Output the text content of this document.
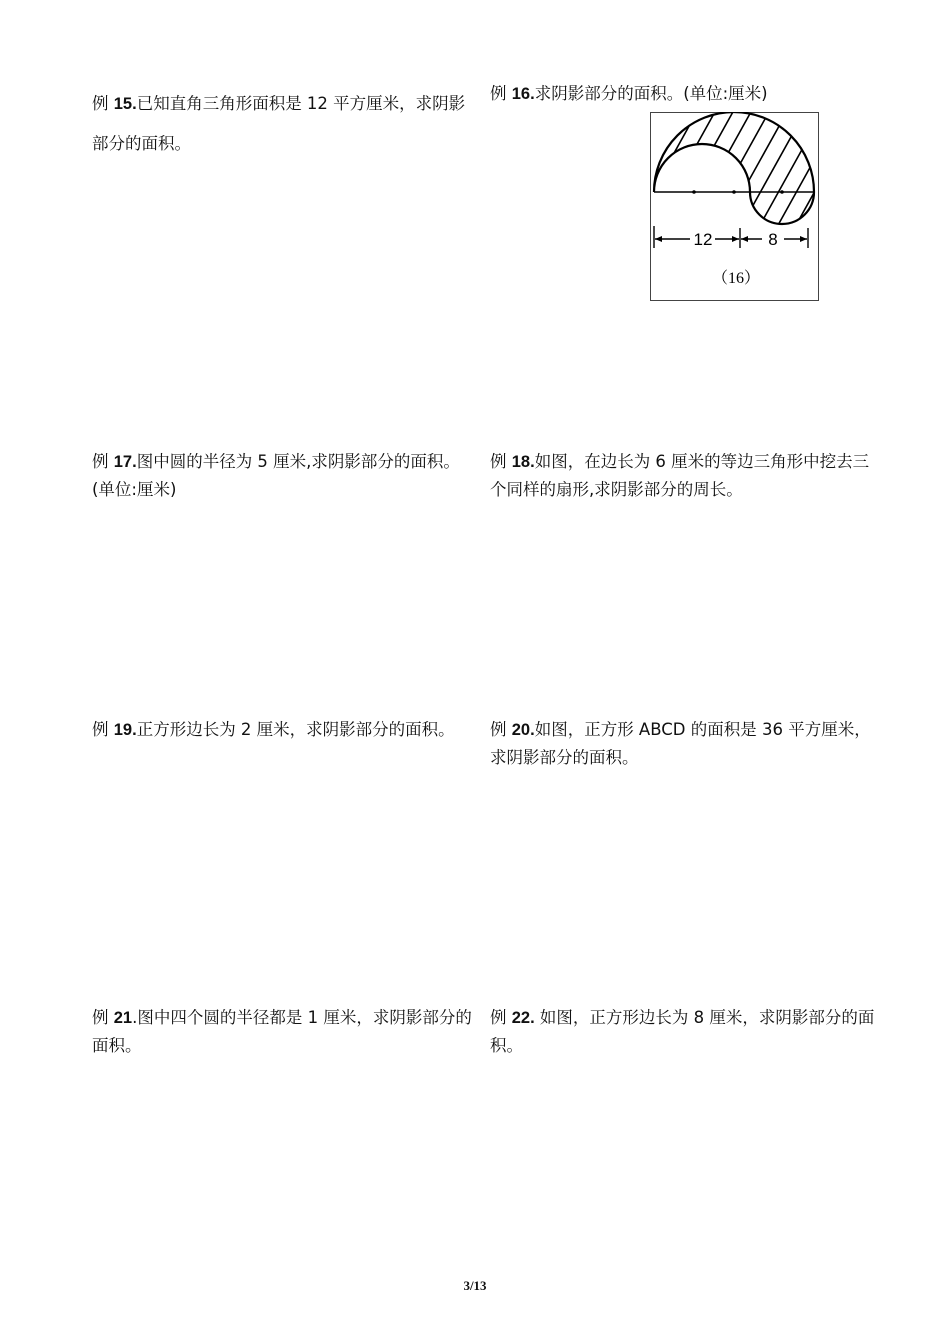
例 15.已知直角三角形面积是 12 平方厘米，求阴影部分的面积。
例 16.求阴影部分的面积。(单位:厘米)
12	8
（16）
例 17.图中圆的半径为 5 厘米,求阴影部分的面积。(单位:厘米)
例 18.如图，在边长为 6 厘米的等边三角形中挖去三个同样的扇形,求阴影部分的周长。
例 19.正方形边长为 2 厘米，求阴影部分的面积。	例 20.如图，正方形 ABCD 的面积是 36 平方厘米，求阴影部分的面积。
例 21.图中四个圆的半径都是 1 厘米，求阴影部分的面积。
例 22. 如图，正方形边长为 8 厘米，求阴影部分的面积。
3/13
